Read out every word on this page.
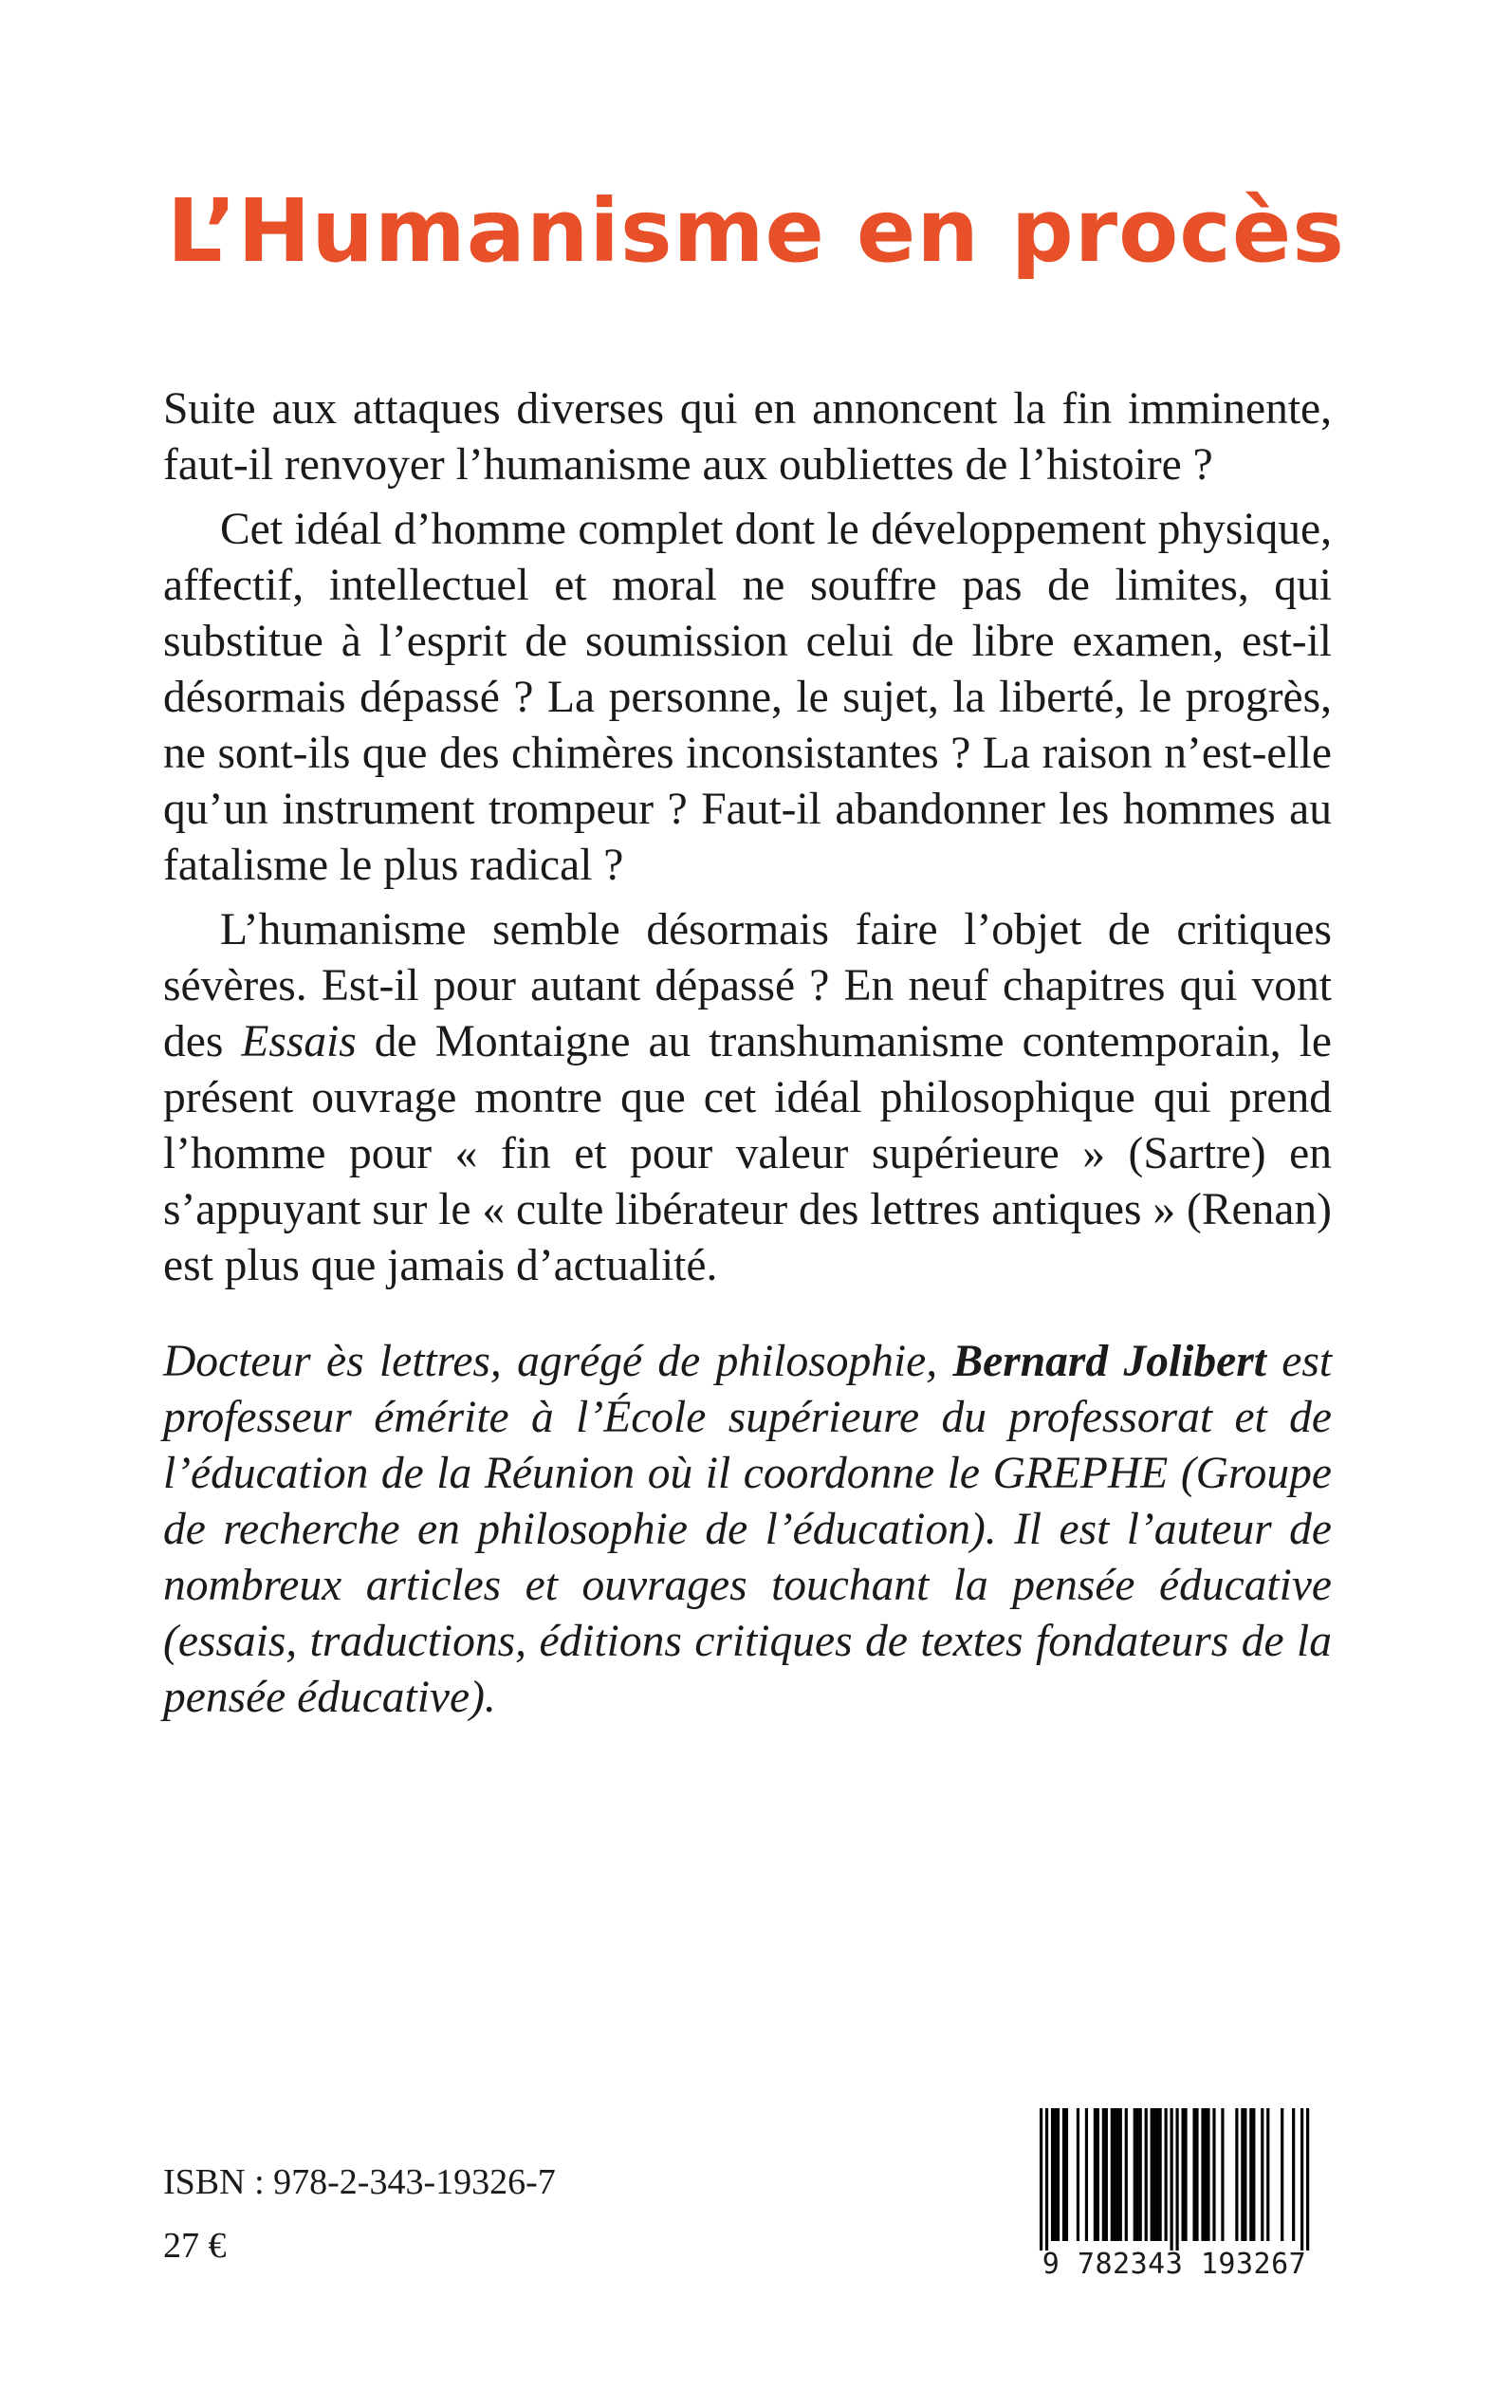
L’Humanisme en procès

Suite aux attaques diverses qui en annoncent la fin imminente, faut-il renvoyer l’humanisme aux oubliettes de l’histoire ?

Cet idéal d’homme complet dont le développement physique, affectif, intellectuel et moral ne souffre pas de limites, qui substitue à l’esprit de soumission celui de libre examen, est-il désormais dépassé ? La personne, le sujet, la liberté, le progrès, ne sont-ils que des chimères inconsistantes ? La raison n’est-elle qu’un instrument trompeur ? Faut-il abandonner les hommes au fatalisme le plus radical ?

L’humanisme semble désormais faire l’objet de critiques sévères. Est-il pour autant dépassé ? En neuf chapitres qui vont des Essais de Montaigne au transhumanisme contemporain, le présent ouvrage montre que cet idéal philosophique qui prend l’homme pour « fin et pour valeur supérieure » (Sartre) en s’appuyant sur le « culte libérateur des lettres antiques » (Renan) est plus que jamais d’actualité.

Docteur ès lettres, agrégé de philosophie, Bernard Jolibert est professeur émérite à l’École supérieure du professorat et de l’éducation de la Réunion où il coordonne le GREPHE (Groupe de recherche en philosophie de l’éducation). Il est l’auteur de nombreux articles et ouvrages touchant la pensée éducative (essais, traductions, éditions critiques de textes fondateurs de la pensée éducative).

ISBN : 978-2-343-19326-7

27 €	9 782343 193267
